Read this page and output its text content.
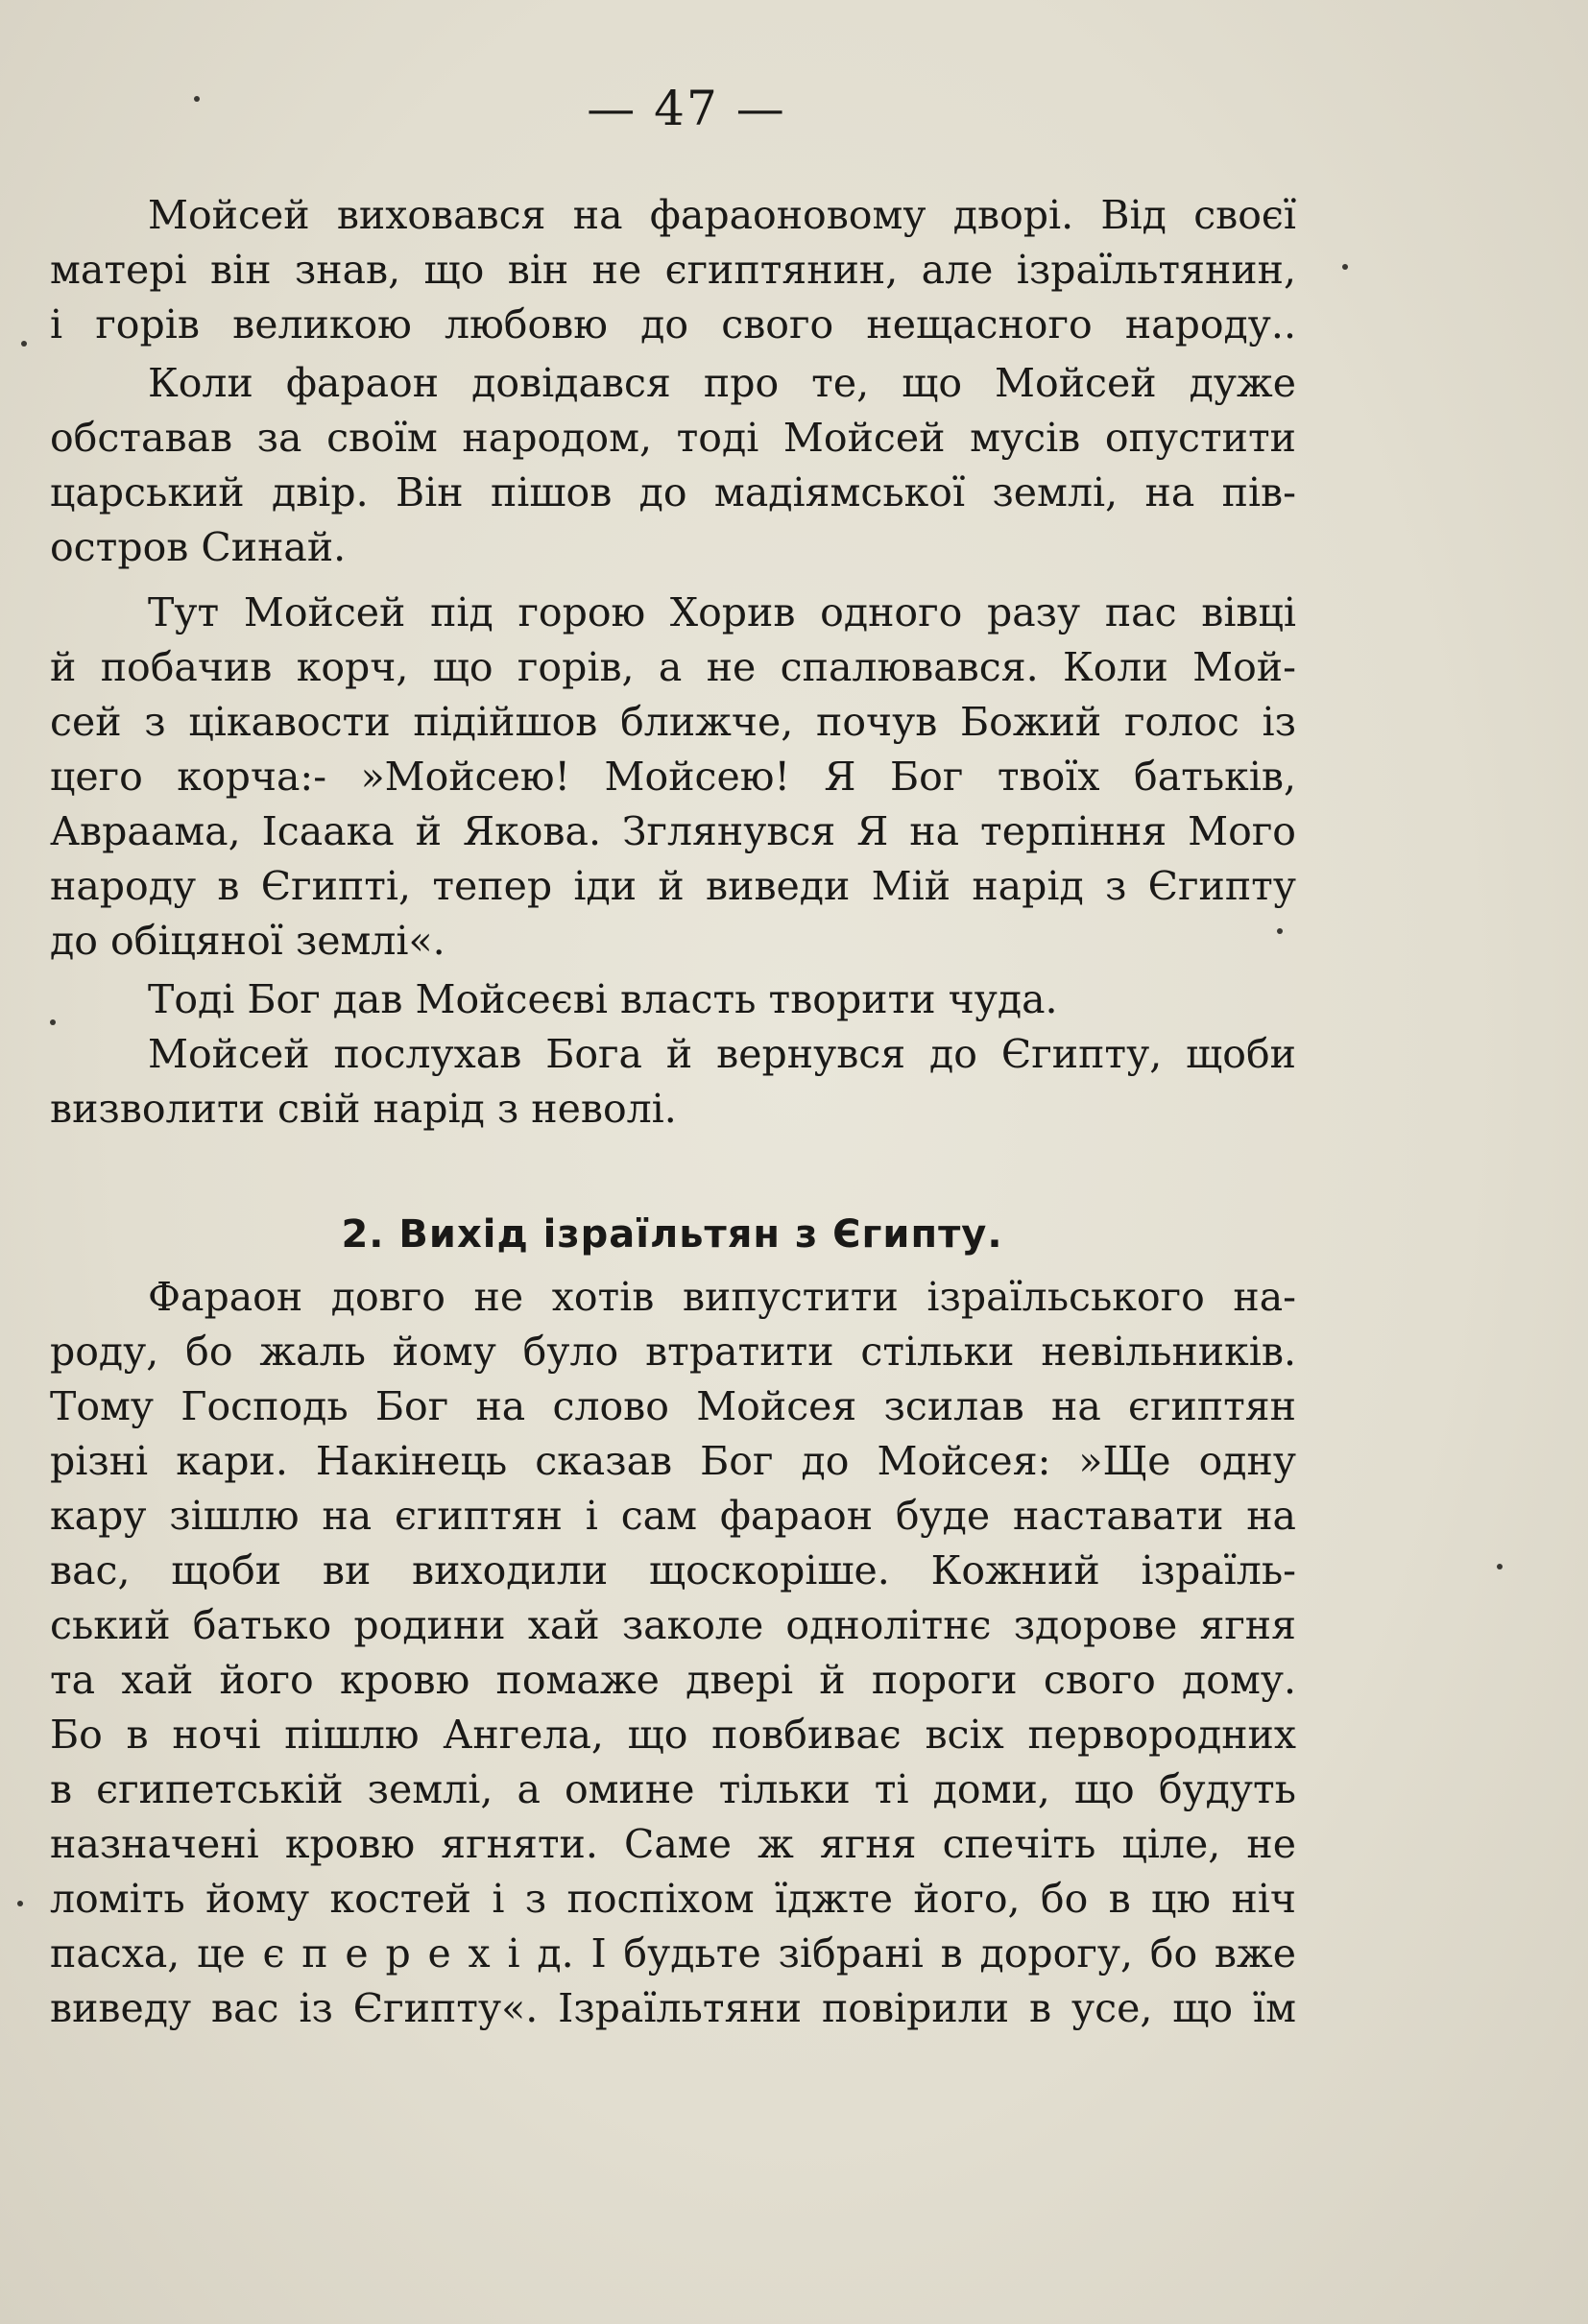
— 47 —
Мойсей виховався на фараоновому дворі. Від своєї
матері він знав, що він не єгиптянин, але ізраїльтянин,
і горів великою любовю до свого нещасного народу..
Коли фараон довідався про те, що Мойсей дуже
обставав за своїм народом, тоді Мойсей мусів опустити
царський двір. Він пішов до мадіямської землі, на пів-
остров Синай.
Тут Мойсей під горою Хорив одного разу пас вівці
й побачив корч, що горів, а не спалювався. Коли Мой-
сей з цікавости підійшов ближче, почув Божий голос із
цего корча:- »Мойсею! Мойсею! Я Бог твоїх батьків,
Авраама, Ісаака й Якова. Зглянувся Я на терпіння Мого
народу в Єгипті, тепер іди й виведи Мій нарід з Єгипту
до обіцяної землі«.
Тоді Бог дав Мойсеєві власть творити чуда.
Мойсей послухав Бога й вернувся до Єгипту, щоби
визволити свій нарід з неволі.
2. Вихід ізраїльтян з Єгипту.
Фараон довго не хотів випустити ізраїльського на-
роду, бо жаль йому було втратити стільки невільників.
Тому Господь Бог на слово Мойсея зсилав на єгиптян
різні кари. Накінець сказав Бог до Мойсея: »Ще одну
кару зішлю на єгиптян і сам фараон буде наставати на
вас, щоби ви виходили щоскоріше. Кожний ізраїль-
ський батько родини хай заколе однолітнє здорове ягня
та хай його кровю помаже двері й пороги свого дому.
Бо в ночі пішлю Ангела, що повбиває всіх первородних
в єгипетській землі, а омине тільки ті доми, що будуть
назначені кровю ягняти. Саме ж ягня спечіть ціле, не
ломіть йому костей і з поспіхом їджте його, бо в цю ніч
пасха, це є п е р е х і д. І будьте зібрані в дорогу, бо вже
виведу вас із Єгипту«. Ізраїльтяни повірили в усе, що їм
